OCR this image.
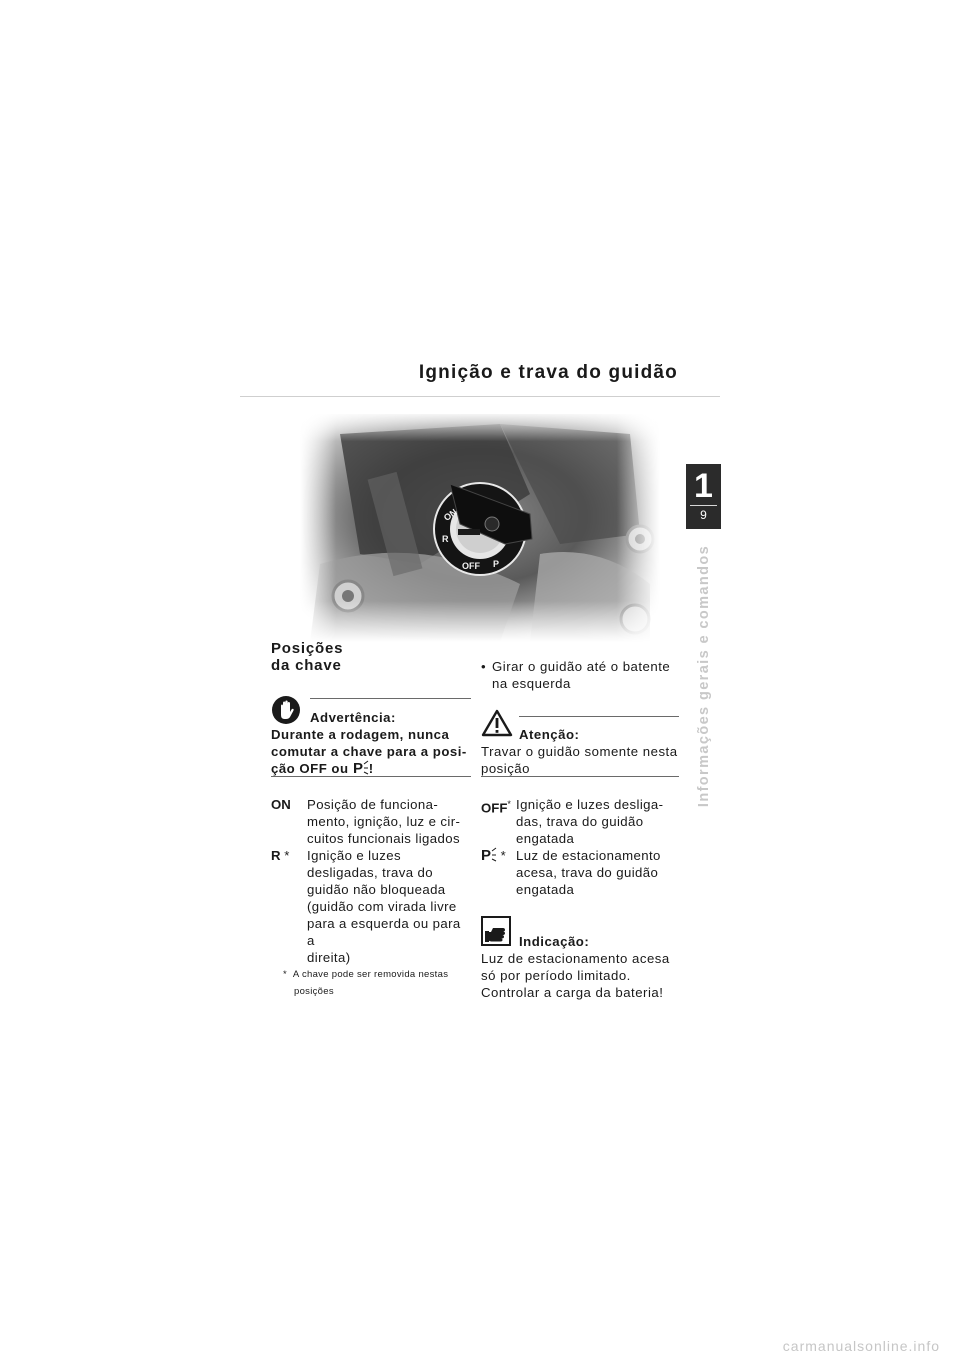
Ignição e trava do guidão
1
9
Informações gerais e comandos
Posições
da chave
Advertência:
Durante a rodagem, nunca
comutar a chave para a posi-
ção OFF ou P !
ON	Posição de funciona-
mento, ignição, luz e cir-
cuitos funcionais ligados
R *	Ignição e luzes
desligadas, trava do
guidão não bloqueada
(guidão com virada livre
para a esquerda ou para a
direita)
* A chave pode ser removida nestas
posições
• Girar o guidão até o batente
na esquerda
Atenção:
Travar o guidão somente nesta
posição
OFF* Ignição e luzes desliga-
das, trava do guidão
engatada
P * Luz de estacionamento
acesa, trava do guidão
engatada
Indicação:
Luz de estacionamento acesa
só por período limitado.
Controlar a carga da bateria!
carmanualsonline.info
